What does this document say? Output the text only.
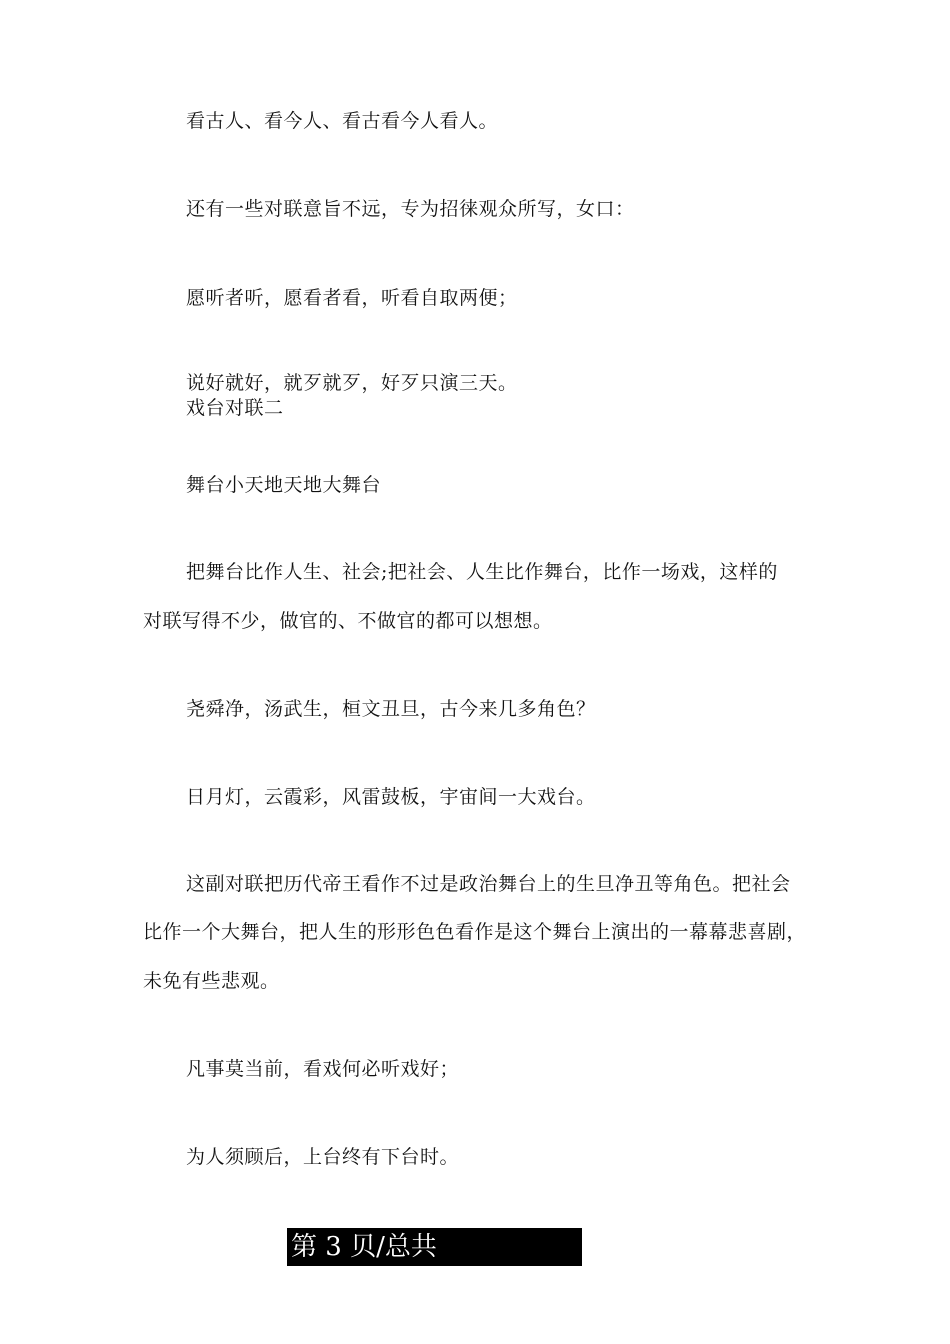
看古人、看今人、看古看今人看人。
还有一些对联意旨不远，专为招徕观众所写，女口：
愿听者听，愿看者看，听看自取两便；
说好就好，就歹就歹，好歹只演三天。
戏台对联二
舞台小天地天地大舞台
把舞台比作人生、社会;把社会、人生比作舞台，比作一场戏，这样的
对联写得不少，做官的、不做官的都可以想想。
尧舜净，汤武生，桓文丑旦，古今来几多角色？
日月灯，云霞彩，风雷鼓板，宇宙间一大戏台。
这副对联把历代帝王看作不过是政治舞台上的生旦净丑等角色。把社会
比作一个大舞台，把人生的形形色色看作是这个舞台上演出的一幕幕悲喜剧，
未免有些悲观。
凡事莫当前，看戏何必听戏好；
为人须顾后，上台终有下台时。
第 3 贝/总共
